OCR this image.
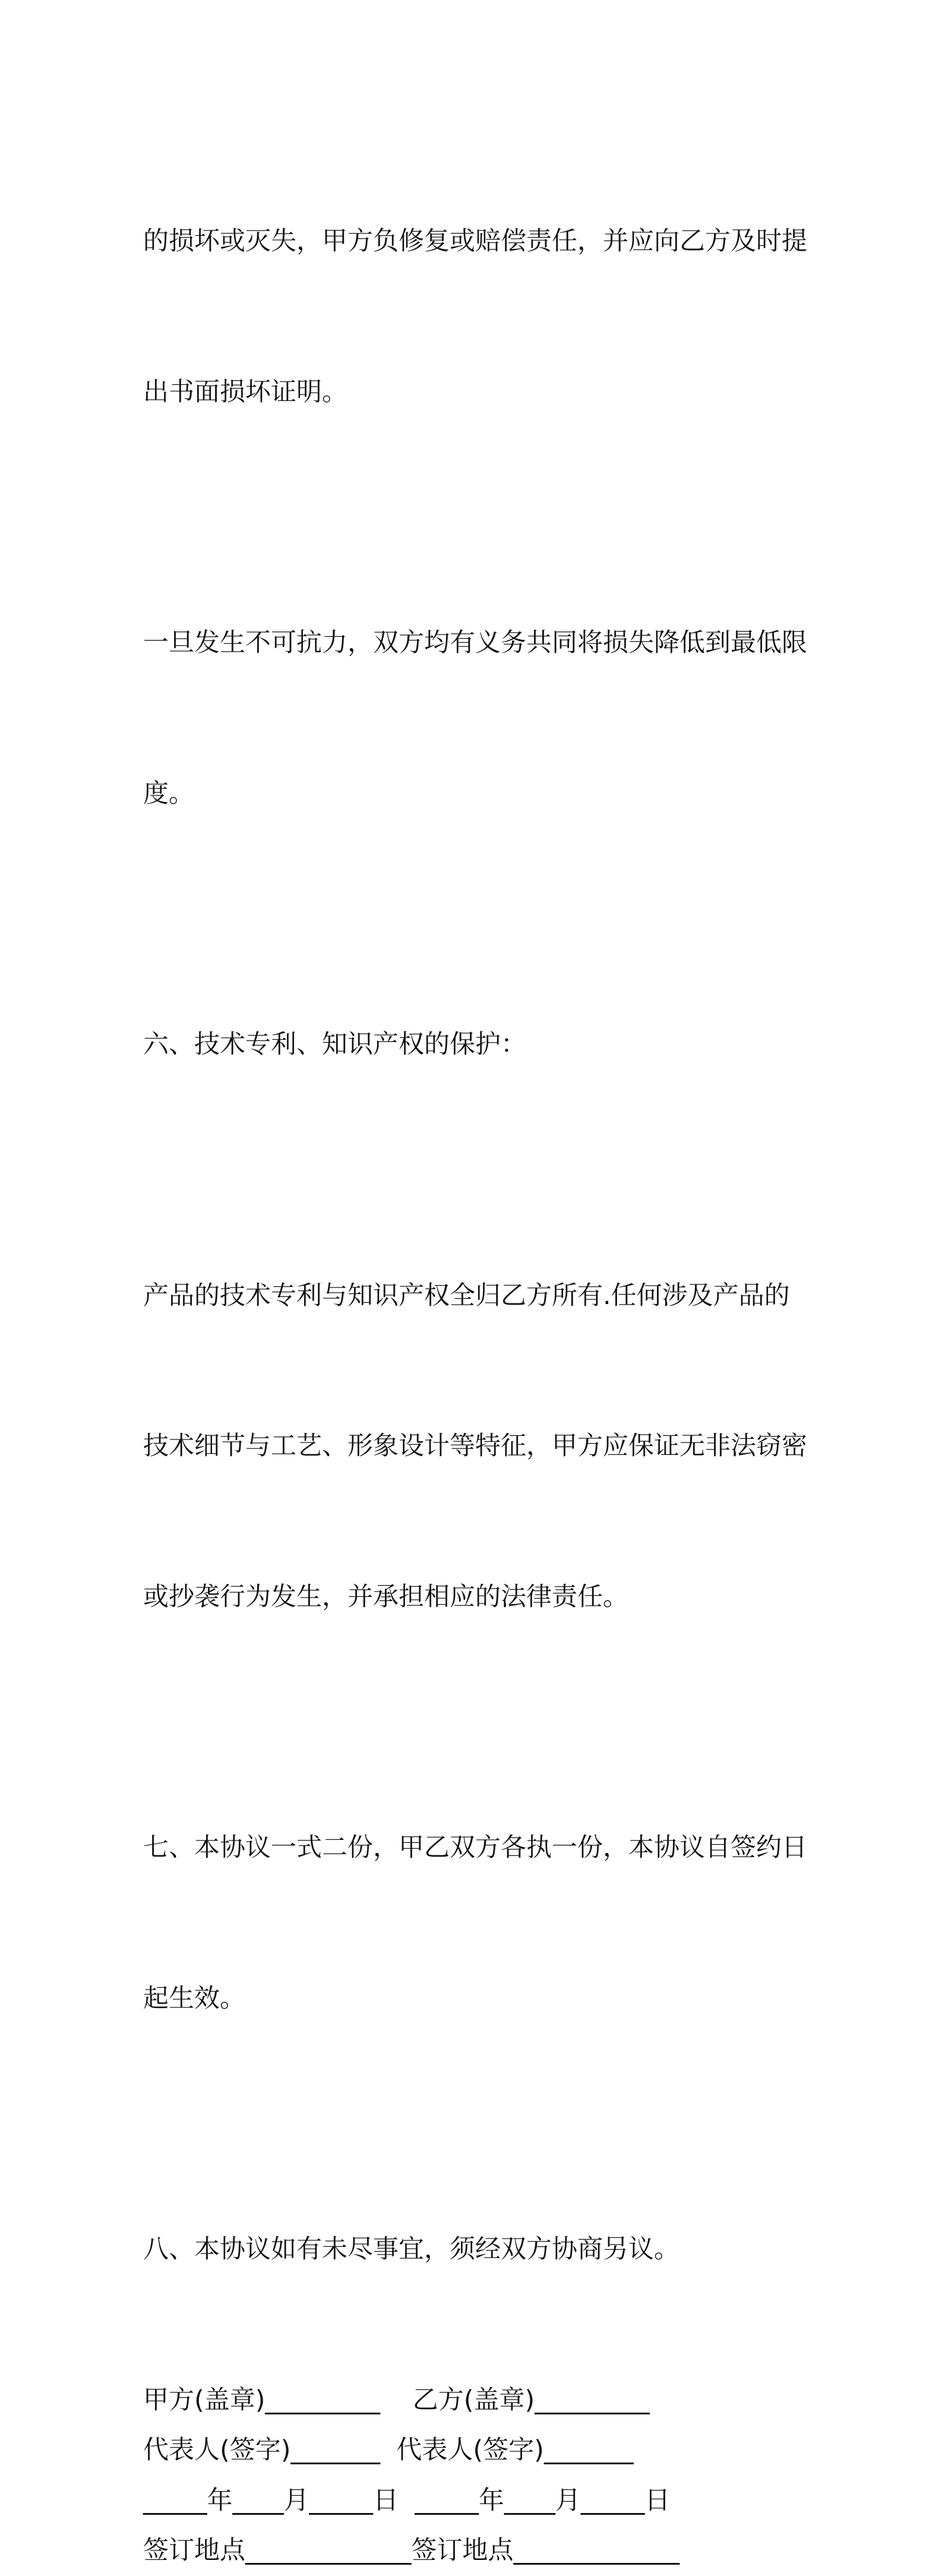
的损坏或灭失，甲方负修复或赔偿责任，并应向乙方及时提

出书面损坏证明。

一旦发生不可抗力，双方均有义务共同将损失降低到最低限

度。

六、技术专利、知识产权的保护：

产品的技术专利与知识产权全归乙方所有.任何涉及产品的

技术细节与工艺、形象设计等特征，甲方应保证无非法窃密

或抄袭行为发生，并承担相应的法律责任。

七、本协议一式二份，甲乙双方各执一份，本协议自签约日

起生效。

八、本协议如有未尽事宜，须经双方协商另议。

甲方(盖章)_________    乙方(盖章)_________
代表人(签字)_______  代表人(签字)_______
_____年____月_____日  _____年____月_____日
签订地点_____________签订地点_____________
